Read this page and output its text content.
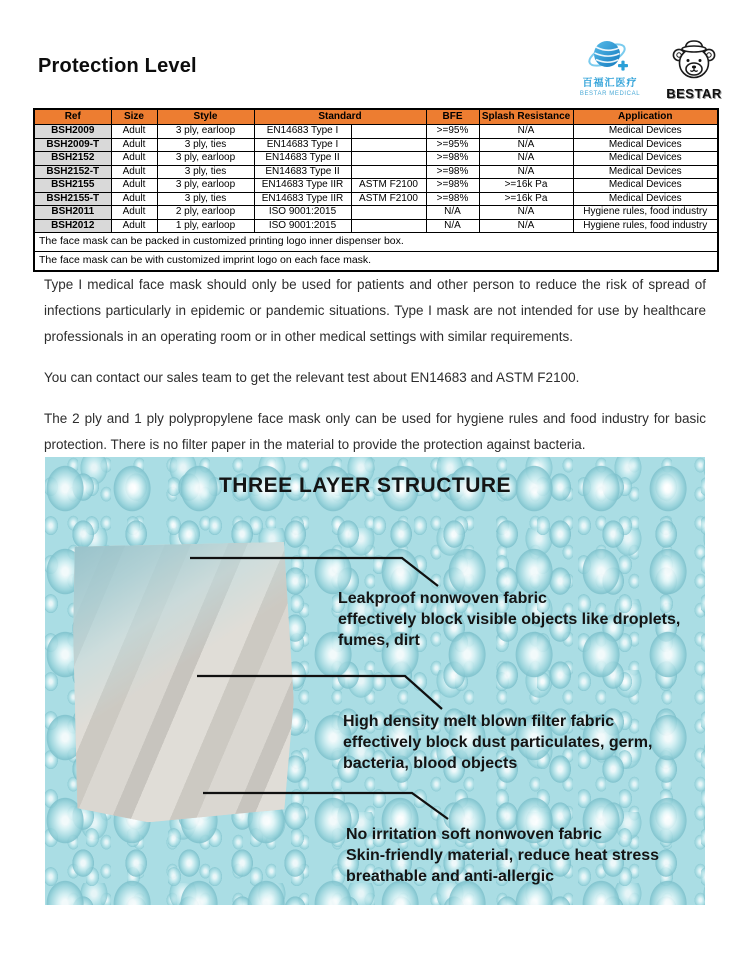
Protection Level
百福汇医疗
BESTAR MEDICAL	BESTAR
Ref	Size	Style	Standard		BFE	Splash Resistance	Application
BSH2009	Adult	3 ply, earloop	EN14683 Type I		>=95%	N/A	Medical Devices
BSH2009-T	Adult	3 ply, ties	EN14683 Type I		>=95%	N/A	Medical Devices
BSH2152	Adult	3 ply, earloop	EN14683 Type II		>=98%	N/A	Medical Devices
BSH2152-T	Adult	3 ply, ties	EN14683 Type II		>=98%	N/A	Medical Devices
BSH2155	Adult	3 ply, earloop	EN14683 Type IIR	ASTM F2100	>=98%	>=16k Pa	Medical Devices
BSH2155-T	Adult	3 ply, ties	EN14683 Type IIR	ASTM F2100	>=98%	>=16k Pa	Medical Devices
BSH2011	Adult	2 ply, earloop	ISO 9001:2015		N/A	N/A	Hygiene rules, food industry
BSH2012	Adult	1 ply, earloop	ISO 9001:2015		N/A	N/A	Hygiene rules, food industry
The face mask can be packed in customized printing logo inner dispenser box.							
The face mask can be with customized imprint logo on each face mask.							

Type I medical face mask should only be used for patients and other person to reduce the risk of spread of infections particularly in epidemic or pandemic situations. Type I mask are not intended for use by healthcare professionals in an operating room or in other medical settings with similar requirements.

You can contact our sales team to get the relevant test about EN14683 and ASTM F2100.

The 2 ply and 1 ply polypropylene face mask only can be used for hygiene rules and food industry for basic protection. There is no filter paper in the material to provide the protection against bacteria.

THREE LAYER STRUCTURE
Leakproof nonwoven fabric
effectively block visible objects like droplets,
fumes, dirt
High density melt blown filter fabric
effectively block dust particulates, germ,
bacteria, blood objects
No irritation soft nonwoven fabric
Skin-friendly material, reduce heat stress
breathable and anti-allergic
